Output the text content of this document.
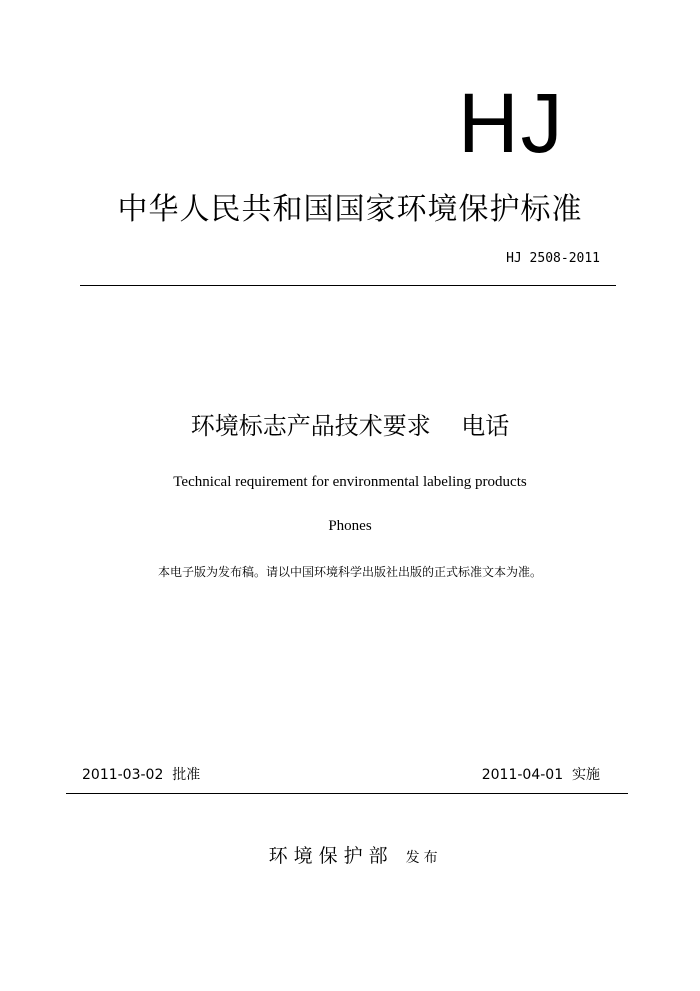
HJ
中华人民共和国国家环境保护标准
HJ 2508-2011
环境标志产品技术要求    电话
Technical requirement for environmental labeling products
Phones
本电子版为发布稿。请以中国环境科学出版社出版的正式标准文本为准。
2011-03-02  批准	2011-04-01  实施

环境保护部 发布
